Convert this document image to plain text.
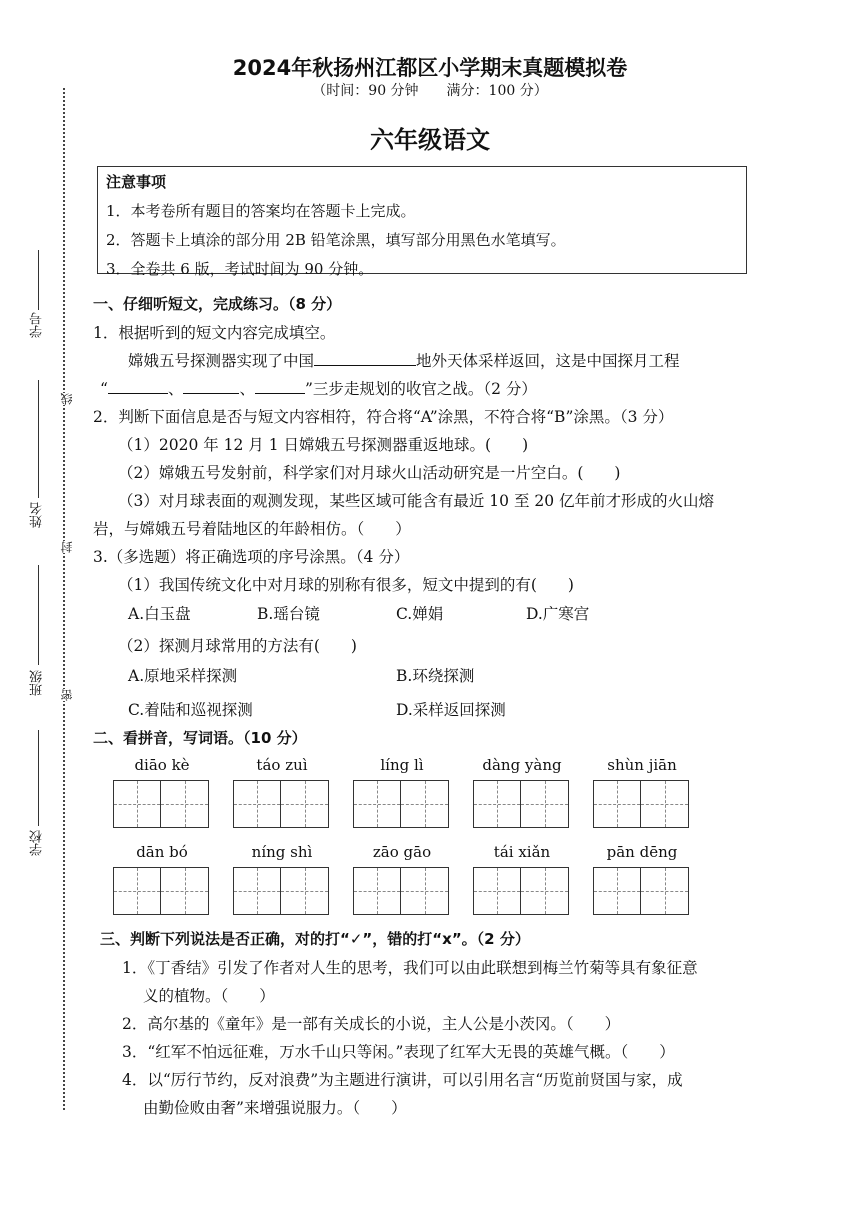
学号
姓名
班级
学校
线
封
密
2024年秋扬州江都区小学期末真题模拟卷
（时间：90 分钟 满分：100 分）
六年级语文
注意事项
1．本考卷所有题目的答案均在答题卡上完成。
2．答题卡上填涂的部分用 2B 铅笔涂黑，填写部分用黑色水笔填写。
3．全卷共 6 版，考试时间为 90 分钟。
一、仔细听短文，完成练习。（8 分）
1．根据听到的短文内容完成填空。
嫦娥五号探测器实现了中国	地外天体采样返回，这是中国探月工程
“	、	、	”三步走规划的收官之战。（2 分）
2．判断下面信息是否与短文内容相符，符合将“A”涂黑，不符合将“B”涂黑。（3 分）
（1）2020 年 12 月 1 日嫦娥五号探测器重返地球。(　　)
（2）嫦娥五号发射前，科学家们对月球火山活动研究是一片空白。(　　)
（3）对月球表面的观测发现，某些区域可能含有最近 10 至 20 亿年前才形成的火山熔
岩，与嫦娥五号着陆地区的年龄相仿。（　　）
3.（多选题）将正确选项的序号涂黑。（4 分）
（1）我国传统文化中对月球的别称有很多，短文中提到的有(　　)
A.白玉盘	B.瑶台镜	C.婵娟	D.广寒宫
（2）探测月球常用的方法有(　　)
A.原地采样探测	B.环绕探测
C.着陆和巡视探测	D.采样返回探测
二、看拼音，写词语。（10 分）
diāo kè	táo zuì	líng lì	dàng yàng	shùn jiān
dān bó	níng shì	zāo gāo	tái xiǎn	pān dēng
三、判断下列说法是否正确，对的打“✓”，错的打“x”。（2 分）
1．《丁香结》引发了作者对人生的思考，我们可以由此联想到梅兰竹菊等具有象征意
义的植物。（　　）
2．高尔基的《童年》是一部有关成长的小说，主人公是小茨冈。（　　）
3．“红军不怕远征难，万水千山只等闲。”表现了红军大无畏的英雄气概。（　　）
4．以“厉行节约，反对浪费”为主题进行演讲，可以引用名言“历览前贤国与家，成
由勤俭败由奢”来增强说服力。（　　）
